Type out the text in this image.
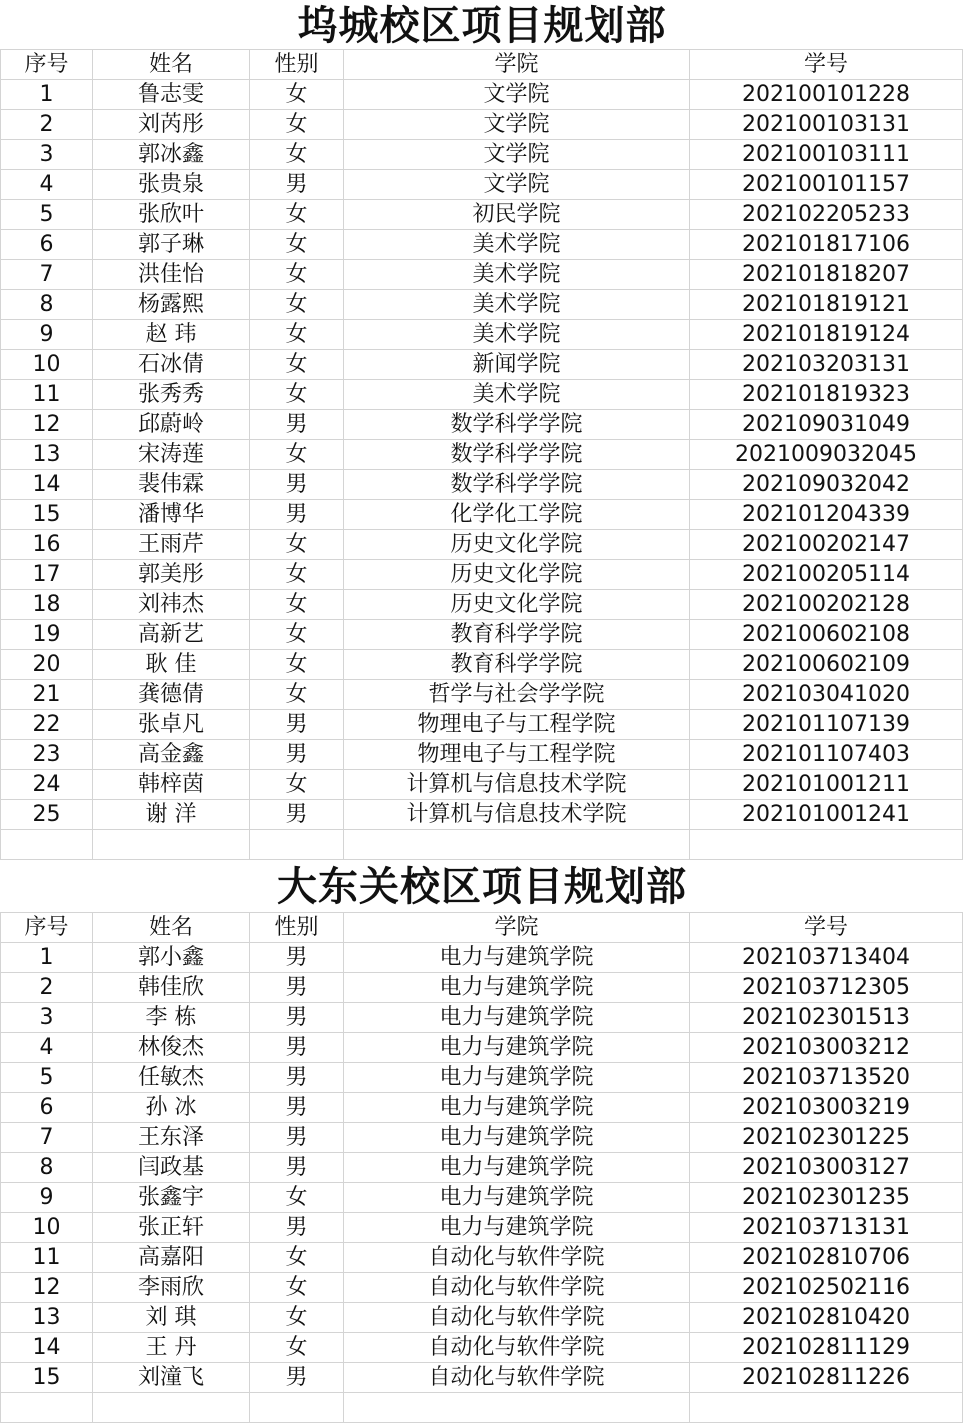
坞城校区项目规划部
序号	姓名	性别	学院	学号
1	鲁志雯	女	文学院	202100101228
2	刘芮彤	女	文学院	202100103131
3	郭冰鑫	女	文学院	202100103111
4	张贵泉	男	文学院	202100101157
5	张欣叶	女	初民学院	202102205233
6	郭子琳	女	美术学院	202101817106
7	洪佳怡	女	美术学院	202101818207
8	杨露熙	女	美术学院	202101819121
9	赵 玮	女	美术学院	202101819124
10	石冰倩	女	新闻学院	202103203131
11	张秀秀	女	美术学院	202101819323
12	邱蔚岭	男	数学科学学院	202109031049
13	宋涛莲	女	数学科学学院	2021009032045
14	裴伟霖	男	数学科学学院	202109032042
15	潘博华	男	化学化工学院	202101204339
16	王雨芹	女	历史文化学院	202100202147
17	郭美彤	女	历史文化学院	202100205114
18	刘祎杰	女	历史文化学院	202100202128
19	高新艺	女	教育科学学院	202100602108
20	耿 佳	女	教育科学学院	202100602109
21	龚德倩	女	哲学与社会学学院	202103041020
22	张卓凡	男	物理电子与工程学院	202101107139
23	高金鑫	男	物理电子与工程学院	202101107403
24	韩梓茵	女	计算机与信息技术学院	202101001211
25	谢 洋	男	计算机与信息技术学院	202101001241

大东关校区项目规划部
序号	姓名	性别	学院	学号
1	郭小鑫	男	电力与建筑学院	202103713404
2	韩佳欣	男	电力与建筑学院	202103712305
3	李 栋	男	电力与建筑学院	202102301513
4	林俊杰	男	电力与建筑学院	202103003212
5	任敏杰	男	电力与建筑学院	202103713520
6	孙 冰	男	电力与建筑学院	202103003219
7	王东泽	男	电力与建筑学院	202102301225
8	闫政基	男	电力与建筑学院	202103003127
9	张鑫宇	女	电力与建筑学院	202102301235
10	张正轩	男	电力与建筑学院	202103713131
11	高嘉阳	女	自动化与软件学院	202102810706
12	李雨欣	女	自动化与软件学院	202102502116
13	刘 琪	女	自动化与软件学院	202102810420
14	王 丹	女	自动化与软件学院	202102811129
15	刘潼飞	男	自动化与软件学院	202102811226
